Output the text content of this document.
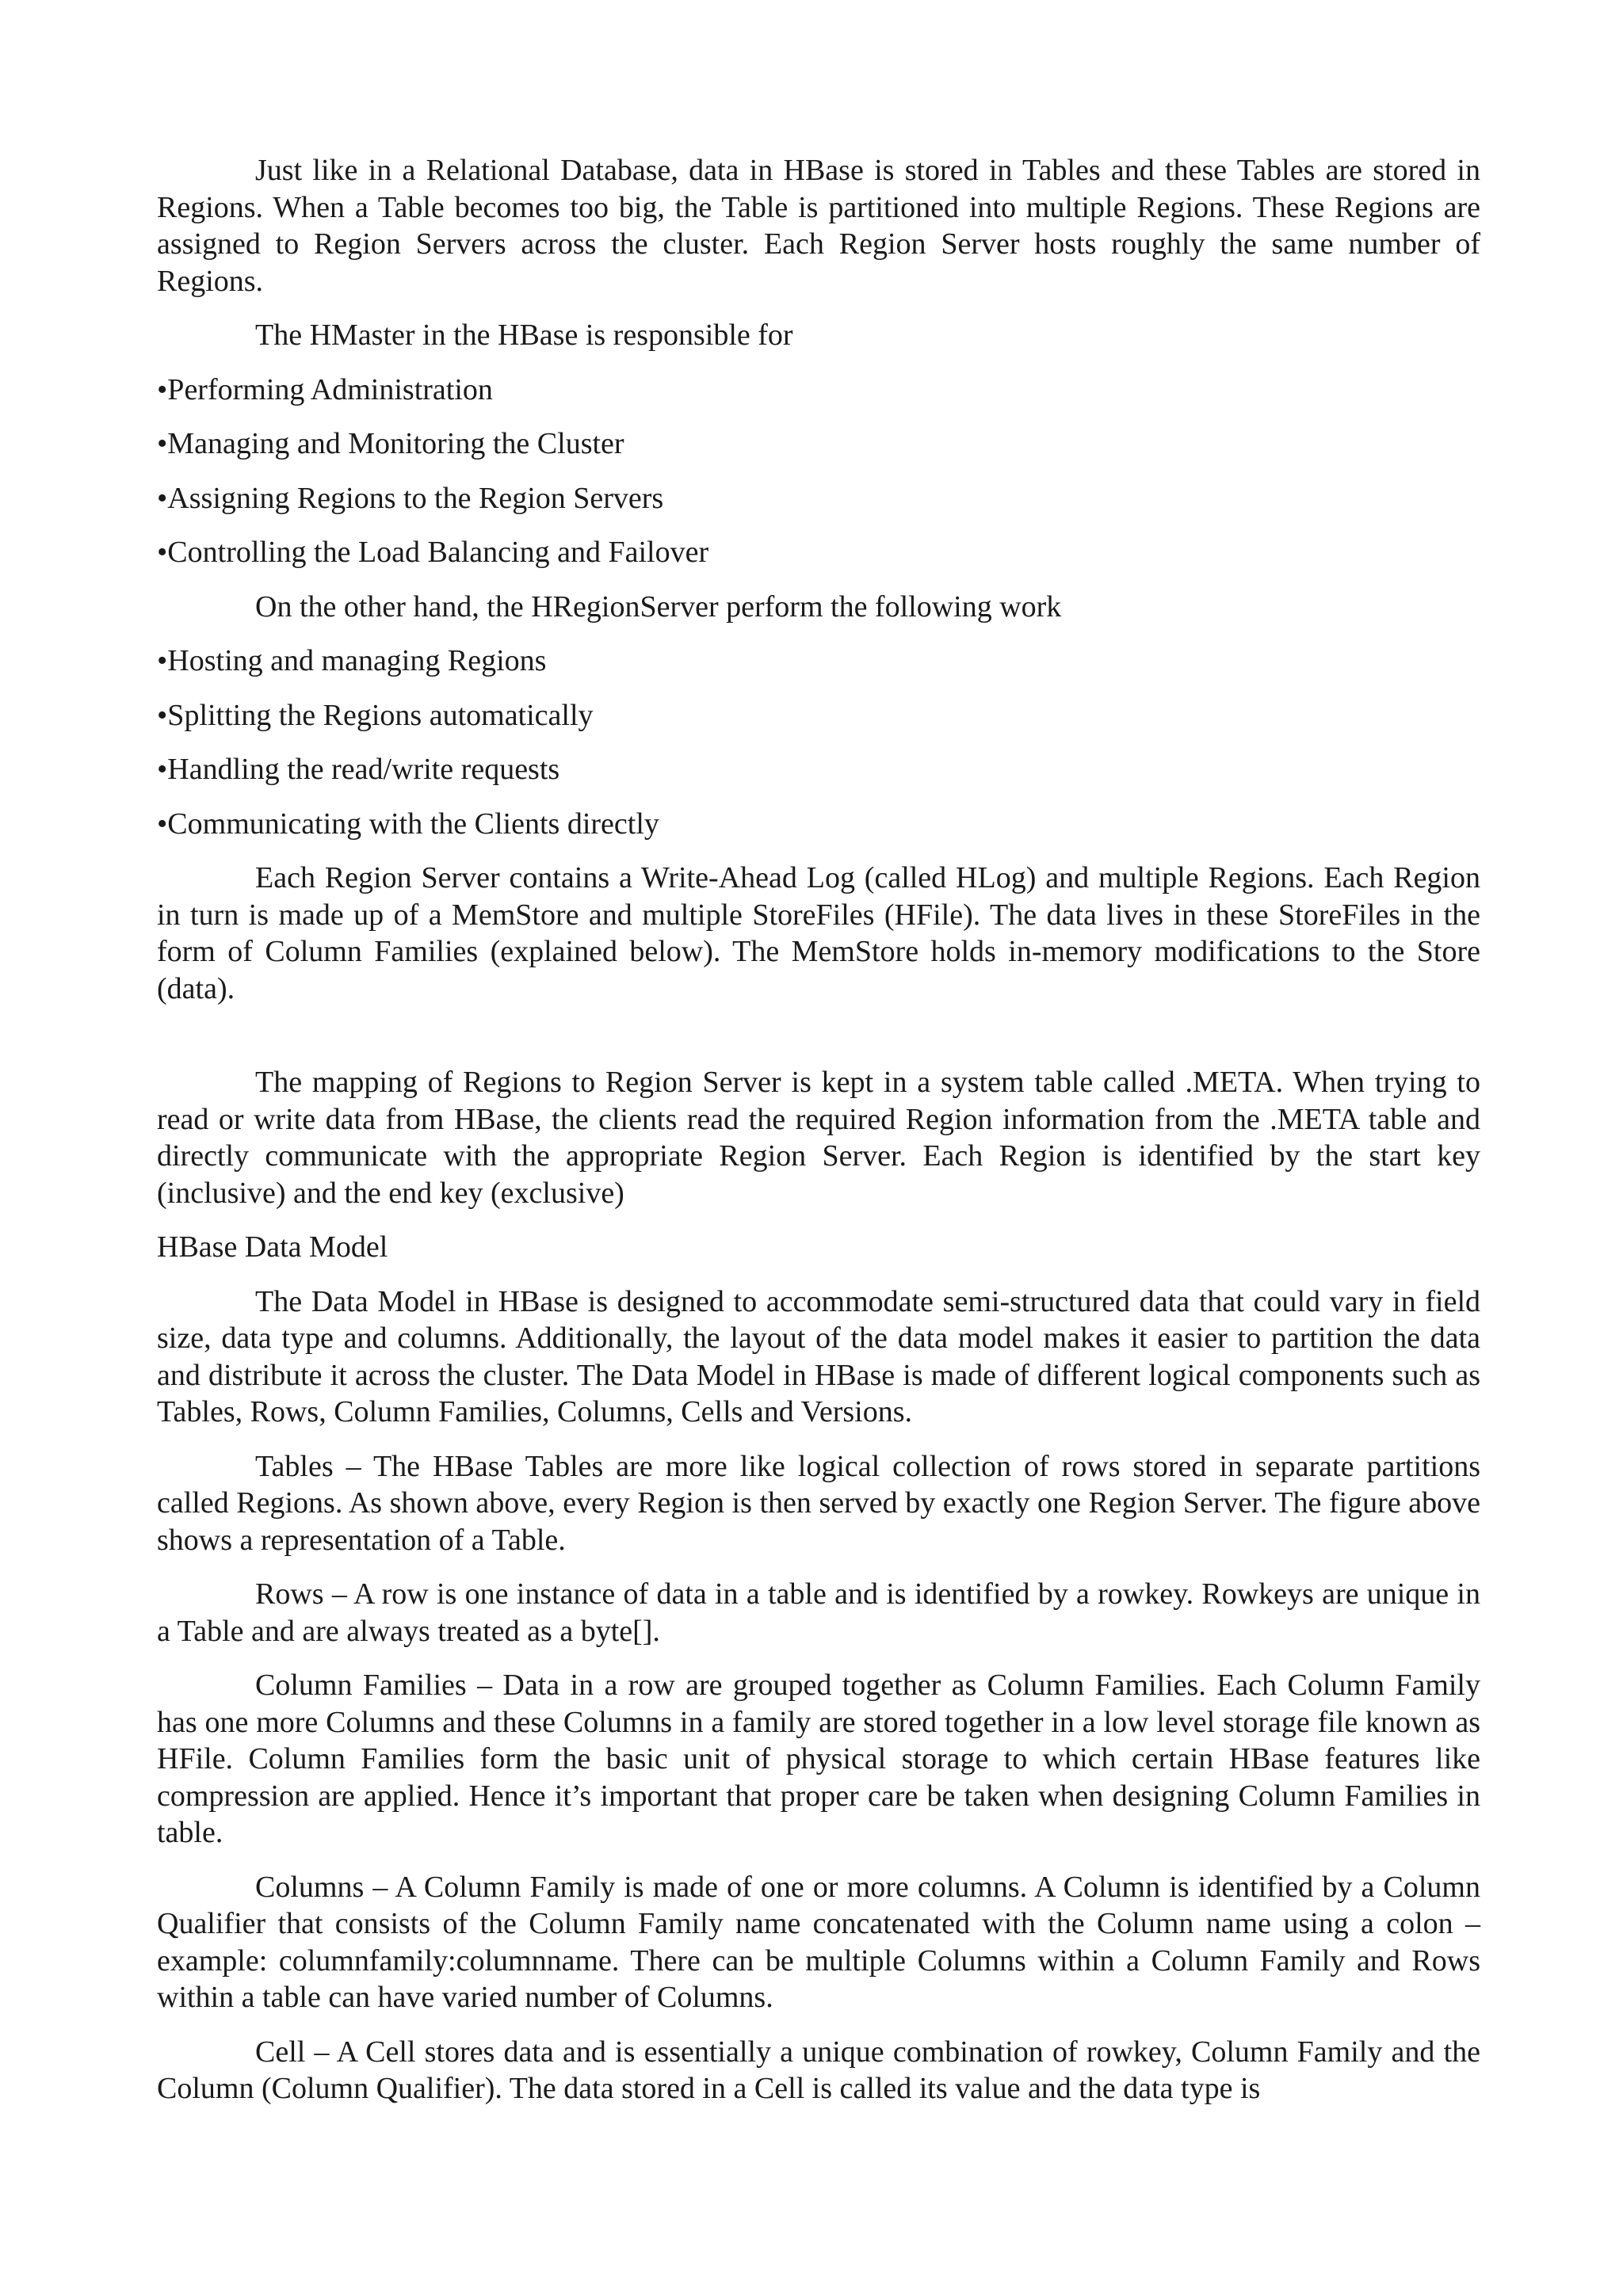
Just like in a Relational Database, data in HBase is stored in Tables and these Tables are stored in Regions. When a Table becomes too big, the Table is partitioned into multiple Regions. These Regions are assigned to Region Servers across the cluster. Each Region Server hosts roughly the same number of Regions.

The HMaster in the HBase is responsible for

•Performing Administration

•Managing and Monitoring the Cluster

•Assigning Regions to the Region Servers

•Controlling the Load Balancing and Failover

On the other hand, the HRegionServer perform the following work

•Hosting and managing Regions

•Splitting the Regions automatically

•Handling the read/write requests

•Communicating with the Clients directly

Each Region Server contains a Write-Ahead Log (called HLog) and multiple Regions. Each Region in turn is made up of a MemStore and multiple StoreFiles (HFile). The data lives in these StoreFiles in the form of Column Families (explained below). The MemStore holds in-memory modifications to the Store (data).

The mapping of Regions to Region Server is kept in a system table called .META. When trying to read or write data from HBase, the clients read the required Region information from the .META table and directly communicate with the appropriate Region Server. Each Region is identified by the start key (inclusive) and the end key (exclusive)

HBase Data Model

The Data Model in HBase is designed to accommodate semi-structured data that could vary in field size, data type and columns. Additionally, the layout of the data model makes it easier to partition the data and distribute it across the cluster. The Data Model in HBase is made of different logical components such as Tables, Rows, Column Families, Columns, Cells and Versions.

Tables – The HBase Tables are more like logical collection of rows stored in separate partitions called Regions. As shown above, every Region is then served by exactly one Region Server. The figure above shows a representation of a Table.

Rows – A row is one instance of data in a table and is identified by a rowkey. Rowkeys are unique in a Table and are always treated as a byte[].

Column Families – Data in a row are grouped together as Column Families. Each Column Family has one more Columns and these Columns in a family are stored together in a low level storage file known as HFile. Column Families form the basic unit of physical storage to which certain HBase features like compression are applied. Hence it’s important that proper care be taken when designing Column Families in table.

Columns – A Column Family is made of one or more columns. A Column is identified by a Column Qualifier that consists of the Column Family name concatenated with the Column name using a colon – example: columnfamily:columnname. There can be multiple Columns within a Column Family and Rows within a table can have varied number of Columns.

Cell – A Cell stores data and is essentially a unique combination of rowkey, Column Family and the Column (Column Qualifier). The data stored in a Cell is called its value and the data type is
